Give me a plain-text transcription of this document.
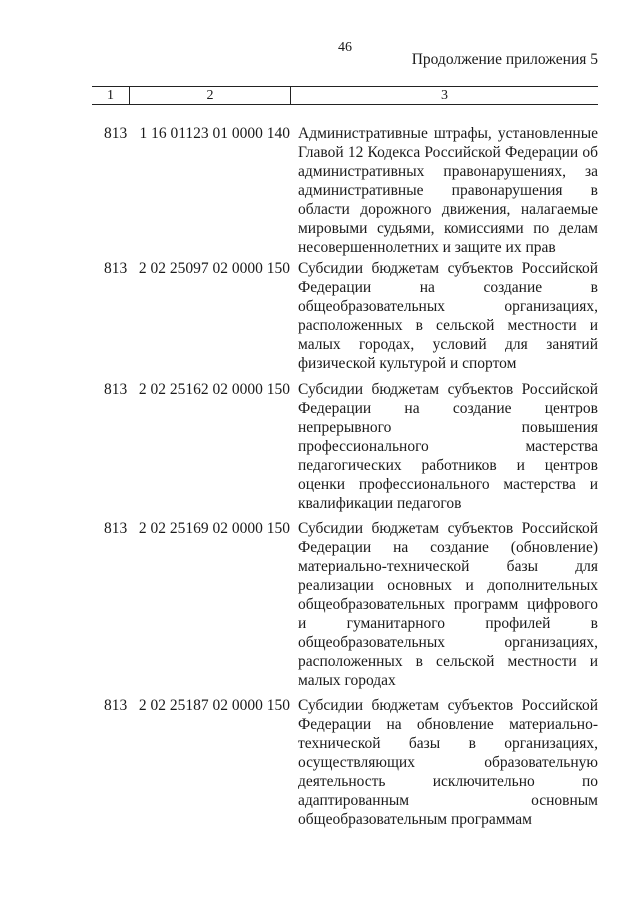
46
Продолжение приложения 5
1	2	3
813 1 16 01123 01 0000 140 Административные штрафы, установленные Главой 12 Кодекса Российской Федерации об административных правонарушениях, за административные правонарушения в области дорожного движения, налагаемые мировыми судьями, комиссиями по делам несовершеннолетних и защите их прав
813 2 02 25097 02 0000 150 Субсидии бюджетам субъектов Российской Федерации на создание в общеобразовательных организациях, расположенных в сельской местности и малых городах, условий для занятий физической культурой и спортом
813 2 02 25162 02 0000 150 Субсидии бюджетам субъектов Российской Федерации на создание центров непрерывного повышения профессионального мастерства педагогических работников и центров оценки профессионального мастерства и квалификации педагогов
813 2 02 25169 02 0000 150 Субсидии бюджетам субъектов Российской Федерации на создание (обновление) материально-технической базы для реализации основных и дополнительных общеобразовательных программ цифрового и гуманитарного профилей в общеобразовательных организациях, расположенных в сельской местности и малых городах
813 2 02 25187 02 0000 150 Субсидии бюджетам субъектов Российской Федерации на обновление материально-технической базы в организациях, осуществляющих образовательную деятельность исключительно по адаптированным основным общеобразовательным программам
